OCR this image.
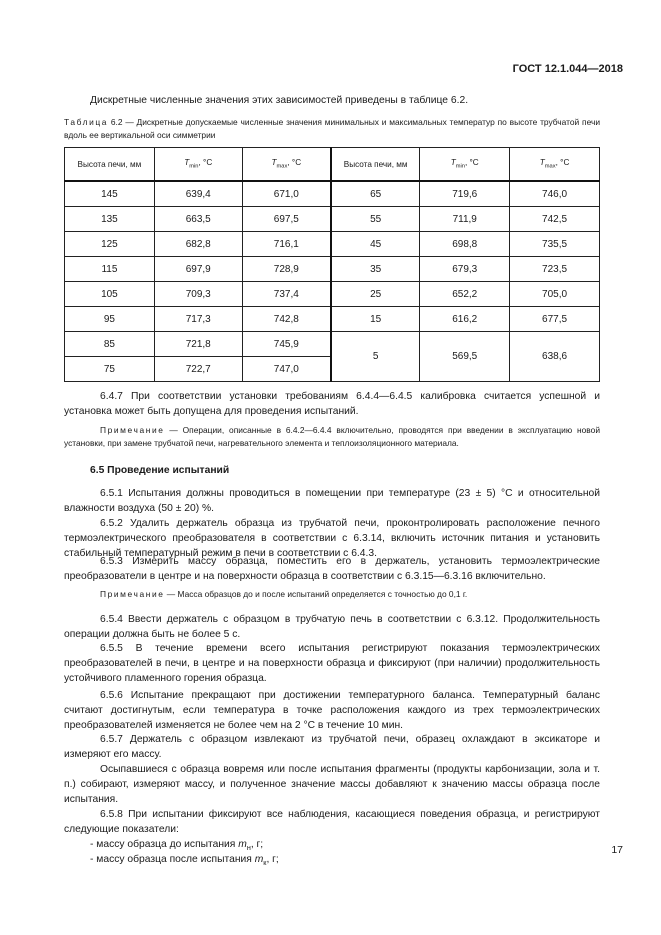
ГОСТ 12.1.044—2018
Дискретные численные значения этих зависимостей приведены в таблице 6.2.
Таблица 6.2 — Дискретные допускаемые численные значения минимальных и максимальных температур по высоте трубчатой печи вдоль ее вертикальной оси симметрии
Высота печи, мм	$T_{min}$, °C	$T_{max}$, °C	Высота печи, мм	$T_{min}$, °C	$T_{max}$, °C
145	639,4	671,0	65	719,6	746,0
135	663,5	697,5	55	711,9	742,5
125	682,8	716,1	45	698,8	735,5
115	697,9	728,9	35	679,3	723,5
105	709,3	737,4	25	652,2	705,0
95	717,3	742,8	15	616,2	677,5
85	721,8	745,9	5	569,5	638,6
75	722,7	747,0			
6.4.7 При соответствии установки требованиям 6.4.4—6.4.5 калибровка считается успешной и установка может быть допущена для проведения испытаний.
Примечание — Операции, описанные в 6.4.2—6.4.4 включительно, проводятся при введении в эксплуатацию новой установки, при замене трубчатой печи, нагревательного элемента и теплоизоляционного материала.
6.5 Проведение испытаний
6.5.1 Испытания должны проводиться в помещении при температуре (23 ± 5) °С и относительной влажности воздуха (50 ± 20) %.
6.5.2 Удалить держатель образца из трубчатой печи, проконтролировать расположение печного термоэлектрического преобразователя в соответствии с 6.3.14, включить источник питания и установить стабильный температурный режим в печи в соответствии с 6.4.3.
6.5.3 Измерить массу образца, поместить его в держатель, установить термоэлектрические преобразователи в центре и на поверхности образца в соответствии с 6.3.15—6.3.16 включительно.
Примечание — Масса образцов до и после испытаний определяется с точностью до 0,1 г.
6.5.4 Ввести держатель с образцом в трубчатую печь в соответствии с 6.3.12. Продолжительность операции должна быть не более 5 с.
6.5.5 В течение времени всего испытания регистрируют показания термоэлектрических преобразователей в печи, в центре и на поверхности образца и фиксируют (при наличии) продолжительность устойчивого пламенного горения образца.
6.5.6 Испытание прекращают при достижении температурного баланса. Температурный баланс считают достигнутым, если температура в точке расположения каждого из трех термоэлектрических преобразователей изменяется не более чем на 2 °С в течение 10 мин.
6.5.7 Держатель с образцом извлекают из трубчатой печи, образец охлаждают в эксикаторе и измеряют его массу.
Осыпавшиеся с образца вовремя или после испытания фрагменты (продукты карбонизации, зола и т. п.) собирают, измеряют массу, и полученное значение массы добавляют к значению массы образца после испытания.
6.5.8 При испытании фиксируют все наблюдения, касающиеся поведения образца, и регистрируют следующие показатели:
- массу образца до испытания $m_н$, г;
- массу образца после испытания $m_к$, г;
17
